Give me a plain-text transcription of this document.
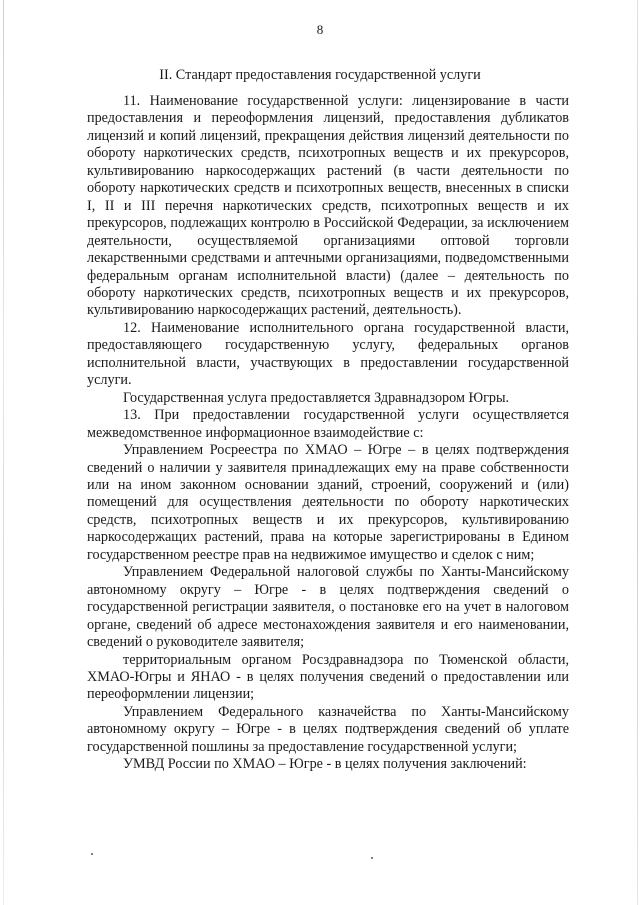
8
II. Стандарт предоставления государственной услуги

11. Наименование государственной услуги: лицензирование в части предоставления и переоформления лицензий, предоставления дубликатов лицензий и копий лицензий, прекращения действия лицензий деятельности по обороту наркотических средств, психотропных веществ и их прекурсоров, культивированию наркосодержащих растений (в части деятельности по обороту наркотических средств и психотропных веществ, внесенных в списки I, II и III перечня наркотических средств, психотропных веществ и их прекурсоров, подлежащих контролю в Российской Федерации, за исключением деятельности, осуществляемой организациями оптовой торговли лекарственными средствами и аптечными организациями, подведомственными федеральным органам исполнительной власти) (далее – деятельность по обороту наркотических средств, психотропных веществ и их прекурсоров, культивированию наркосодержащих растений, деятельность).

12. Наименование исполнительного органа государственной власти, предоставляющего государственную услугу, федеральных органов исполнительной власти, участвующих в предоставлении государственной услуги.

Государственная услуга предоставляется Здравнадзором Югры.

13. При предоставлении государственной услуги осуществляется межведомственное информационное взаимодействие с:

Управлением Росреестра по ХМАО – Югре – в целях подтверждения сведений о наличии у заявителя принадлежащих ему на праве собственности или на ином законном основании зданий, строений, сооружений и (или) помещений для осуществления деятельности по обороту наркотических средств, психотропных веществ и их прекурсоров, культивированию наркосодержащих растений, права на которые зарегистрированы в Едином государственном реестре прав на недвижимое имущество и сделок с ним;

Управлением Федеральной налоговой службы по Ханты-Мансийскому автономному округу – Югре - в целях подтверждения сведений о государственной регистрации заявителя, о постановке его на учет в налоговом органе, сведений об адресе местонахождения заявителя и его наименовании, сведений о руководителе заявителя;

территориальным органом Росздравнадзора по Тюменской области, ХМАО-Югры и ЯНАО - в целях получения сведений о предоставлении или переоформлении лицензии;

Управлением Федерального казначейства по Ханты-Мансийскому автономному округу – Югре - в целях подтверждения сведений об уплате государственной пошлины за предоставление государственной услуги;

УМВД России по ХМАО – Югре - в целях получения заключений:
